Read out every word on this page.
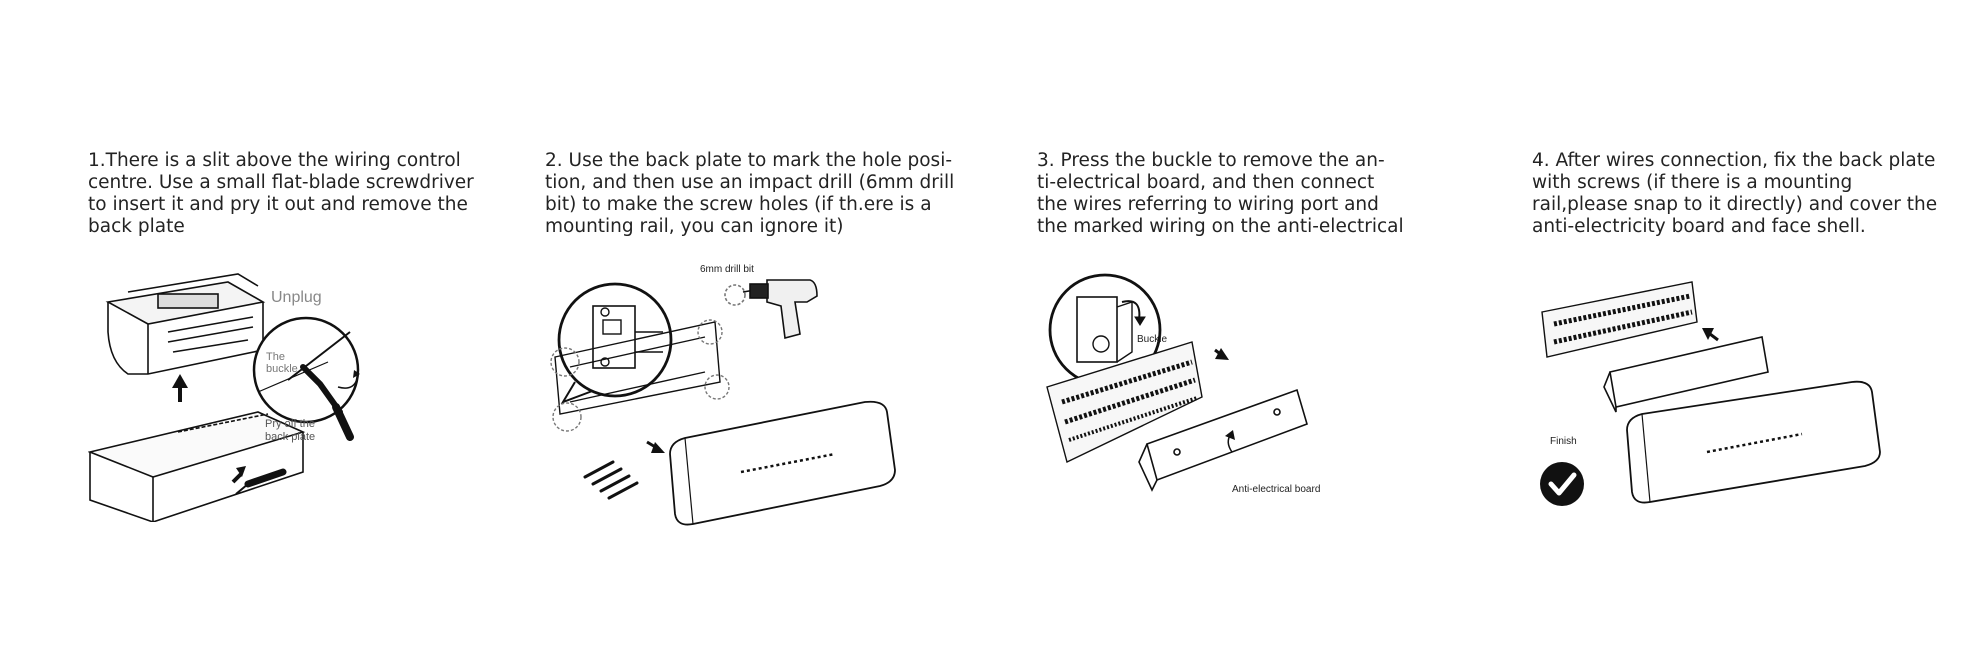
1.There is a slit above the wiring control
centre. Use a small flat-blade screwdriver
to insert it and pry it out and remove the
back plate
Unplug
The buckle
Pry off the back plate
2. Use the back plate to mark the hole posi-
tion, and then use an impact drill (6mm drill
bit) to make the screw holes (if th.ere is a
mounting rail, you can ignore it)
6mm drill bit
3. Press the buckle to remove the an-
ti-electrical board, and then connect
the wires referring to wiring port and
the marked wiring on the anti-electrical
Buckle
Anti-electrical board
4. After wires connection, fix the back plate
with screws (if there is a mounting
rail,please snap to it directly) and cover the
anti-electricity board and face shell.
Finish
